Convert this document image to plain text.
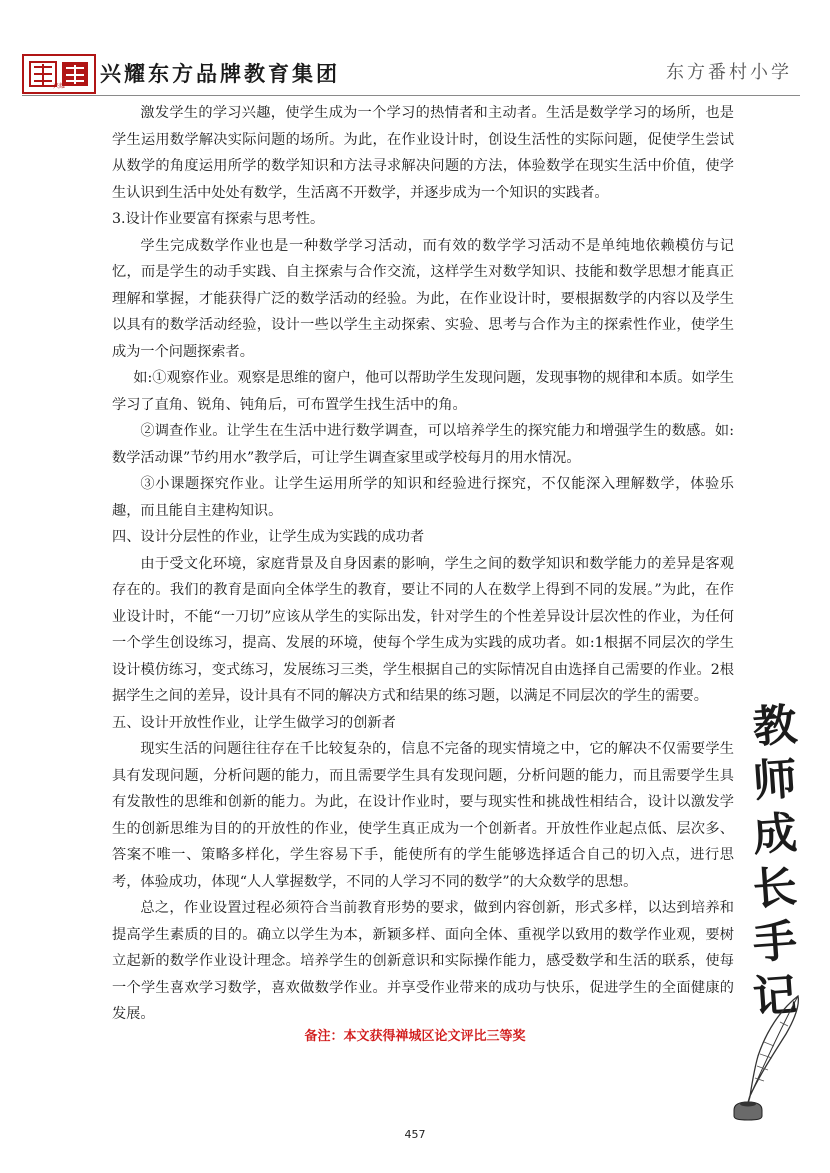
兴耀
兴耀东方品牌教育集团	东方番村小学

激发学生的学习兴趣，使学生成为一个学习的热情者和主动者。生活是数学学习的场所，也是学生运用数学解决实际问题的场所。为此，在作业设计时，创设生活性的实际问题，促使学生尝试从数学的角度运用所学的数学知识和方法寻求解决问题的方法，体验数学在现实生活中价值，使学生认识到生活中处处有数学，生活离不开数学，并逐步成为一个知识的实践者。

3.设计作业要富有探索与思考性。

学生完成数学作业也是一种数学学习活动，而有效的数学学习活动不是单纯地依赖模仿与记忆，而是学生的动手实践、自主探索与合作交流，这样学生对数学知识、技能和数学思想才能真正理解和掌握，才能获得广泛的数学活动的经验。为此，在作业设计时，要根据数学的内容以及学生以具有的数学活动经验，设计一些以学生主动探索、实验、思考与合作为主的探索性作业，使学生成为一个问题探索者。

如:①观察作业。观察是思维的窗户，他可以帮助学生发现问题，发现事物的规律和本质。如学生学习了直角、锐角、钝角后，可布置学生找生活中的角。

②调查作业。让学生在生活中进行数学调查，可以培养学生的探究能力和增强学生的数感。如:数学活动课”节约用水”教学后，可让学生调查家里或学校每月的用水情况。

③小课题探究作业。让学生运用所学的知识和经验进行探究，不仅能深入理解数学，体验乐趣，而且能自主建构知识。

四、设计分层性的作业，让学生成为实践的成功者

由于受文化环境，家庭背景及自身因素的影响，学生之间的数学知识和数学能力的差异是客观存在的。我们的教育是面向全体学生的教育，要让不同的人在数学上得到不同的发展。”为此，在作业设计时，不能“一刀切”应该从学生的实际出发，针对学生的个性差异设计层次性的作业，为任何一个学生创设练习，提高、发展的环境，使每个学生成为实践的成功者。如:1根据不同层次的学生设计模仿练习，变式练习，发展练习三类，学生根据自己的实际情况自由选择自己需要的作业。2根据学生之间的差异，设计具有不同的解决方式和结果的练习题，以满足不同层次的学生的需要。

五、设计开放性作业，让学生做学习的创新者

现实生活的问题往往存在千比较复杂的，信息不完备的现实情境之中，它的解决不仅需要学生具有发现问题，分析问题的能力，而且需要学生具有发现问题，分析问题的能力，而且需要学生具有发散性的思维和创新的能力。为此，在设计作业时，要与现实性和挑战性相结合，设计以激发学生的创新思维为目的的开放性的作业，使学生真正成为一个创新者。开放性作业起点低、层次多、答案不唯一、策略多样化，学生容易下手，能使所有的学生能够选择适合自己的切入点，进行思考，体验成功，体现“人人掌握数学，不同的人学习不同的数学”的大众数学的思想。

总之，作业设置过程必须符合当前教育形势的要求，做到内容创新，形式多样，以达到培养和提高学生素质的目的。确立以学生为本，新颖多样、面向全体、重视学以致用的数学作业观，要树立起新的数学作业设计理念。培养学生的创新意识和实际操作能力，感受数学和生活的联系，使每一个学生喜欢学习数学，喜欢做数学作业。并享受作业带来的成功与快乐，促进学生的全面健康的发展。

教
师
成
长
手
记
备注：本文获得禅城区论文评比三等奖
457
